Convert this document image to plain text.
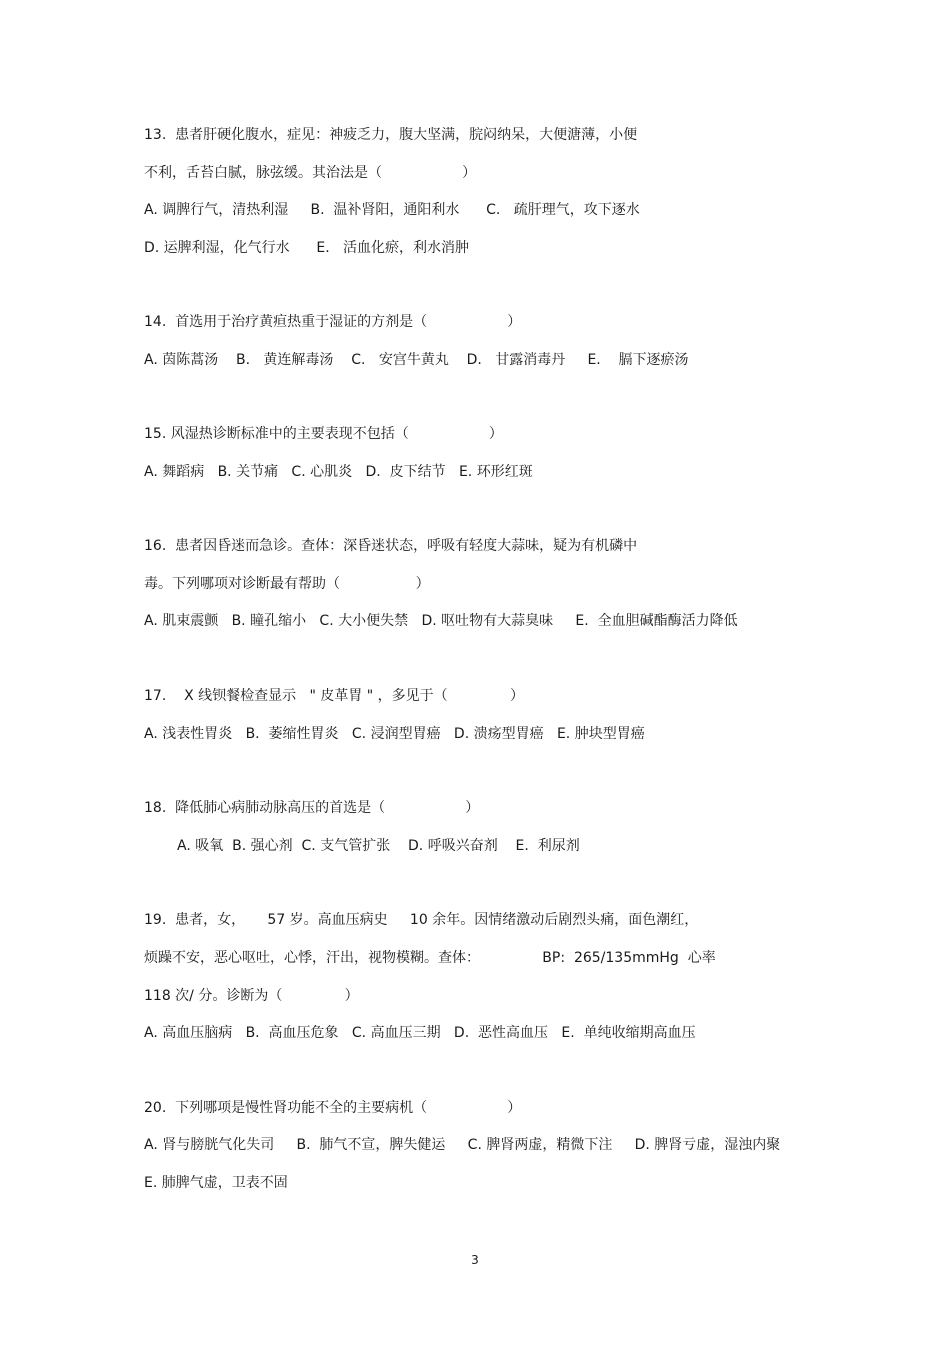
13.  患者肝硬化腹水，症见：神疲乏力，腹大坚满，脘闷纳呆，大便溏薄，小便
不利，舌苔白腻，脉弦缓。其治法是（                  ）
A. 调脾行气，清热利湿     B.  温补肾阳，通阳利水      C.   疏肝理气，攻下逐水
D. 运脾利湿，化气行水      E.   活血化瘀，利水消肿
14.  首选用于治疗黄疸热重于湿证的方剂是（                  ）
A. 茵陈蒿汤    B.   黄连解毒汤    C.   安宫牛黄丸    D.   甘露消毒丹     E.    膈下逐瘀汤
15. 风湿热诊断标准中的主要表现不包括（                  ）
A. 舞蹈病   B. 关节痛   C. 心肌炎   D.  皮下结节   E. 环形红斑
16.  患者因昏迷而急诊。查体：深昏迷状态，呼吸有轻度大蒜味，疑为有机磷中
毒。下列哪项对诊断最有帮助（                 ）
A. 肌束震颤   B. 瞳孔缩小   C. 大小便失禁   D. 呕吐物有大蒜臭味     E.  全血胆碱酯酶活力降低
17.    X 线钡餐检查显示   " 皮革胃 " ，多见于（              ）
A. 浅表性胃炎   B.  萎缩性胃炎   C. 浸润型胃癌   D. 溃疡型胃癌   E. 肿块型胃癌
18.  降低肺心病肺动脉高压的首选是（                  ）
A. 吸氧  B. 强心剂  C. 支气管扩张    D. 呼吸兴奋剂    E.  利尿剂
19.  患者，女，     57 岁。高血压病史     10 余年。因情绪激动后剧烈头痛，面色潮红，
烦躁不安，恶心呕吐，心悸，汗出，视物模糊。查体：              BP:  265/135mmHg  心率
118 次/ 分。诊断为（              ）
A. 高血压脑病   B.  高血压危象   C. 高血压三期   D.  恶性高血压   E.  单纯收缩期高血压
20.  下列哪项是慢性肾功能不全的主要病机（                  ）
A. 肾与膀胱气化失司     B.  肺气不宣，脾失健运     C. 脾肾两虚，精微下注     D. 脾肾亏虚，湿浊内聚
E. 肺脾气虚，卫表不固
3
